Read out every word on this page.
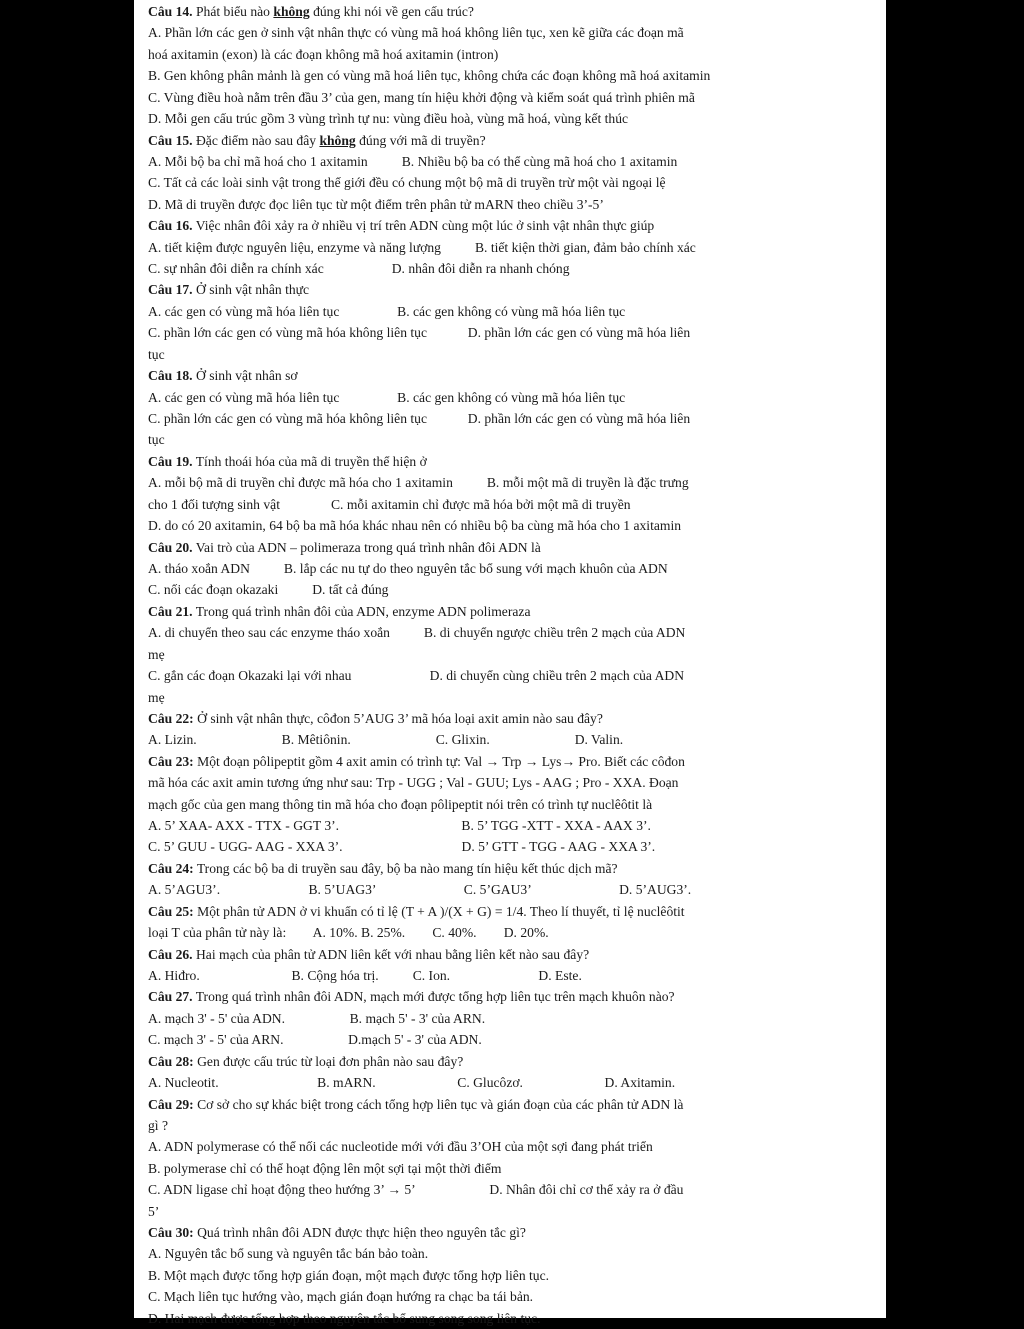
Câu 14. Phát biểu nào không đúng khi nói về gen cấu trúc?

A. Phần lớn các gen ở sinh vật nhân thực có vùng mã hoá không liên tục, xen kẽ giữa các đoạn mã

hoá axitamin (exon) là các đoạn không mã hoá axitamin (intron)

B. Gen không phân mảnh là gen có vùng mã hoá liên tục, không chứa các đoạn không mã hoá axitamin

C. Vùng điều hoà nằm trên đầu 3’ của gen, mang tín hiệu khởi động và kiểm soát quá trình phiên mã

D. Mỗi gen cấu trúc gồm 3 vùng trình tự nu: vùng điều hoà, vùng mã hoá, vùng kết thúc

Câu 15. Đặc điểm nào sau đây không đúng với mã di truyền?

A. Mỗi bộ ba chỉ mã hoá cho 1 axitamin          B. Nhiều bộ ba có thể cùng mã hoá cho 1 axitamin

C. Tất cả các loài sinh vật trong thế giới đều có chung một bộ mã di truyền trừ một vài ngoại lệ

D. Mã di truyền được đọc liên tục từ một điểm trên phân tử mARN theo chiều 3’-5’

Câu 16. Việc nhân đôi xảy ra ở nhiều vị trí trên ADN cùng một lúc ở sinh vật nhân thực giúp

A. tiết kiệm được nguyên liệu, enzyme và năng lượng          B. tiết kiện thời gian, đảm bảo chính xác

C. sự nhân đôi diễn ra chính xác                    D. nhân đôi diễn ra nhanh chóng

Câu 17. Ở sinh vật nhân thực

A. các gen có vùng mã hóa liên tục                 B. các gen không có vùng mã hóa liên tục

C. phần lớn các gen có vùng mã hóa không liên tục            D. phần lớn các gen có vùng mã hóa liên

tục

Câu 18. Ở sinh vật nhân sơ

A. các gen có vùng mã hóa liên tục                 B. các gen không có vùng mã hóa liên tục

C. phần lớn các gen có vùng mã hóa không liên tục            D. phần lớn các gen có vùng mã hóa liên

tục

Câu 19. Tính thoái hóa của mã di truyền thể hiện ở

A. mỗi bộ mã di truyền chỉ được mã hóa cho 1 axitamin          B. mỗi một mã di truyền là đặc trưng

cho 1 đối tượng sinh vật               C. mỗi axitamin chỉ được mã hóa bởi một mã di truyền

D. do có 20 axitamin, 64 bộ ba mã hóa khác nhau nên có nhiều bộ ba cùng mã hóa cho 1 axitamin

Câu 20. Vai trò của ADN – polimeraza trong quá trình nhân đôi ADN là

A. tháo xoắn ADN          B. lắp các nu tự do theo nguyên tắc bổ sung với mạch khuôn của ADN

C. nối các đoạn okazaki          D. tất cả đúng

Câu 21. Trong quá trình nhân đôi của ADN, enzyme ADN polimeraza

A. di chuyển theo sau các enzyme tháo xoắn          B. di chuyển ngược chiều trên 2 mạch của ADN

mẹ

C. gắn các đoạn Okazaki lại với nhau                       D. di chuyển cùng chiều trên 2 mạch của ADN

mẹ

Câu 22: Ở sinh vật nhân thực, côđon 5’AUG 3’ mã hóa loại axit amin nào sau đây?

A. Lizin.                         B. Mêtiônin.                         C. Glixin.                         D. Valin.

Câu 23: Một đoạn pôlipeptit gồm 4 axit amin có trình tự: Val → Trp → Lys→ Pro. Biết các côđon

mã hóa các axit amin tương ứng như sau: Trp - UGG ; Val - GUU; Lys - AAG ; Pro - XXA. Đoạn

mạch gốc của gen mang thông tin mã hóa cho đoạn pôlipeptit nói trên có trình tự nuclêôtit là

A. 5’ XAA- AXX - TTX - GGT 3’.                                    B. 5’ TGG -XTT - XXA - AAX 3’.

C. 5’ GUU - UGG- AAG - XXA 3’.                                   D. 5’ GTT - TGG - AAG - XXA 3’.

Câu 24: Trong các bộ ba di truyền sau đây, bộ ba nào mang tín hiệu kết thúc dịch mã?

A. 5’AGU3’.                          B. 5’UAG3’                          C. 5’GAU3’                          D. 5’AUG3’.

Câu 25: Một phân tử ADN ở vi khuẩn có tỉ lệ (T + A )/(X + G) = 1/4. Theo lí thuyết, tỉ lệ nuclêôtit

loại T của phân tử này là:        A. 10%. B. 25%.        C. 40%.        D. 20%.

Câu 26. Hai mạch của phân tử ADN liên kết với nhau bằng liên kết nào sau đây?

A. Hiđro.                           B. Cộng hóa trị.          C. Ion.                          D. Este.

Câu 27. Trong quá trình nhân đôi ADN, mạch mới được tổng hợp liên tục trên mạch khuôn nào?

A. mạch 3' - 5' của ADN.                   B. mạch 5' - 3' của ARN.

C. mạch 3' - 5' của ARN.                   D.mạch 5' - 3' của ADN.

Câu 28: Gen được cấu trúc từ loại đơn phân nào sau đây?

A. Nucleotit.                             B. mARN.                        C. Glucôzơ.                        D. Axitamin.

Câu 29: Cơ sở cho sự khác biệt trong cách tổng hợp liên tục và gián đoạn của các phân tử ADN là

gì ?

A. ADN polymerase có thể nối các nucleotide mới với đầu 3’OH của một sợi đang phát triển

B. polymerase chỉ có thể hoạt động lên một sợi tại một thời điểm

C. ADN ligase chỉ hoạt động theo hướng 3’ → 5’                      D. Nhân đôi chỉ cơ thể xảy ra ở đầu

5’

Câu 30: Quá trình nhân đôi ADN được thực hiện theo nguyên tắc gì?

A. Nguyên tắc bổ sung và nguyên tắc bán bảo toàn.

B. Một mạch được tổng hợp gián đoạn, một mạch được tổng hợp liên tục.

C. Mạch liên tục hướng vào, mạch gián đoạn hướng ra chạc ba tái bản.

D. Hai mạch được tổng hợp theo nguyên tắc bổ sung song song liên tục.
